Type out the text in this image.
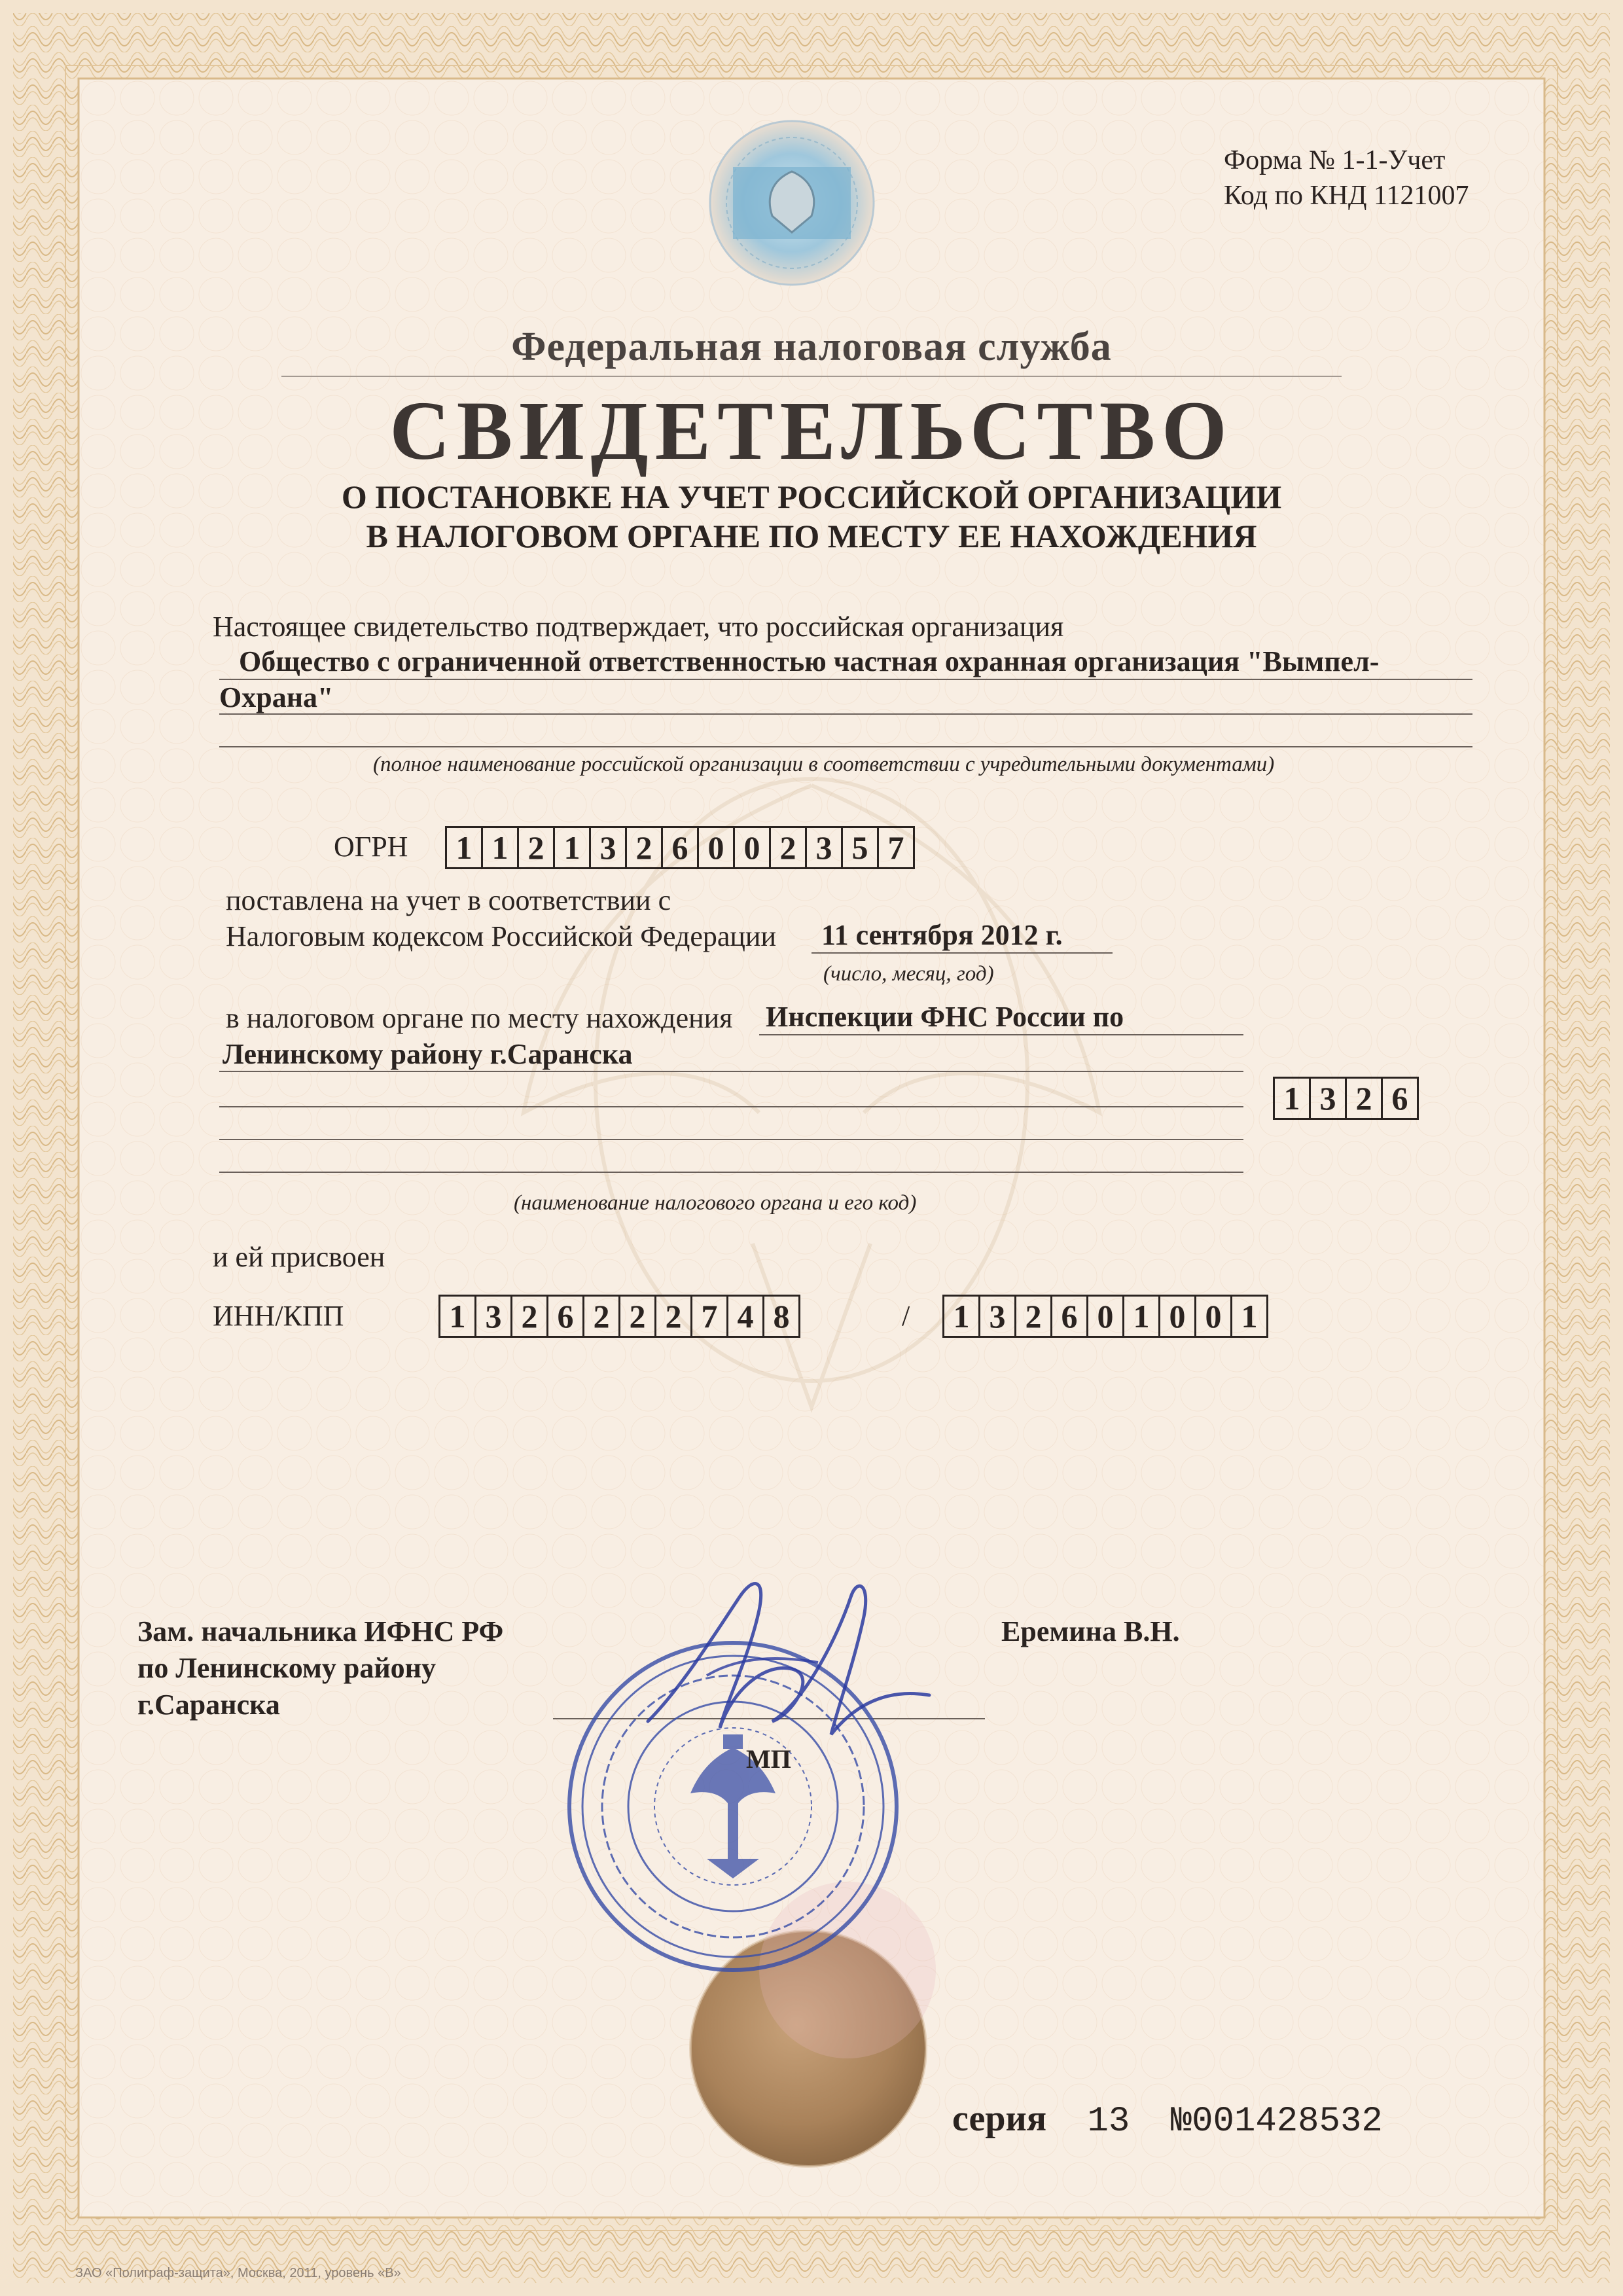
Форма № 1-1-Учет
Код по КНД 1121007
Федеральная налоговая служба
СВИДЕТЕЛЬСТВО
О ПОСТАНОВКЕ НА УЧЕТ РОССИЙСКОЙ ОРГАНИЗАЦИИ
В НАЛОГОВОМ ОРГАНЕ ПО МЕСТУ ЕЕ НАХОЖДЕНИЯ
Настоящее свидетельство подтверждает, что российская организация
Общество с ограниченной ответственностью частная охранная организация "Вымпел-
Охрана"
(полное наименование российской организации в соответствии с учредительными документами)
ОГРН 1 1 2 1 3 2 6 0 0 2 3 5 7
поставлена на учет в соответствии с
Налоговым кодексом Российской Федерации 11 сентября 2012 г.
(число, месяц, год)
в налоговом органе по месту нахождения Инспекции ФНС России по
Ленинскому району г.Саранска
1 3 2 6
(наименование налогового органа и его код)
и ей присвоен
ИНН/КПП	1 3 2 6 2 2 2 7 4 8	/ 1 3 2 6 0 1 0 0 1
Зам. начальника ИФНС РФ
по Ленинскому району
г.Саранска
Еремина В.Н.
МП
серия 13 №001428532
ЗАО «Полиграф-защита», Москва, 2011, уровень «В»
